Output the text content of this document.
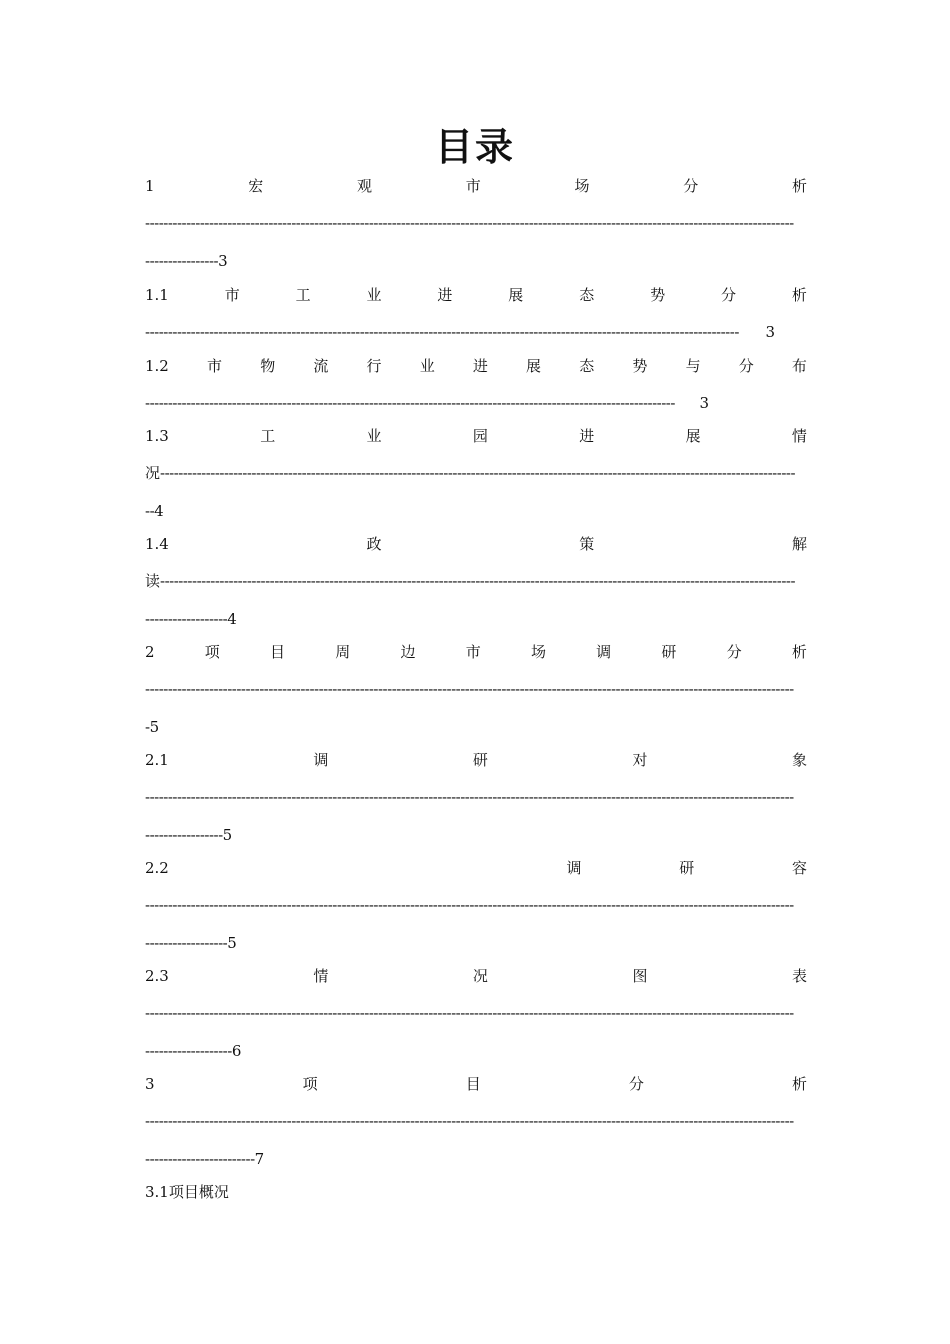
目录
1	宏	观	市	场	分	析
----------------------------------------------------------------------------------------------------------------------------------------------
----------------3
1.1	市	工	业	进	展	态	势	分	析
----------------------------------------------------------------------------------------------------------------------------------	3
1.2	市	物	流	行	业	进	展	态	势	与	分	布
--------------------------------------------------------------------------------------------------------------------	3
1.3	工	业	园	进	展	情
况-------------------------------------------------------------------------------------------------------------------------------------------
--4
1.4	政	策	解
读-------------------------------------------------------------------------------------------------------------------------------------------
------------------4
2	项	目	周	边	市	场	调	研	分	析
----------------------------------------------------------------------------------------------------------------------------------------------
-5
2.1	调	研	对	象
----------------------------------------------------------------------------------------------------------------------------------------------
-----------------5
2.2	调	研	容
----------------------------------------------------------------------------------------------------------------------------------------------
------------------5
2.3	情	况	图	表
----------------------------------------------------------------------------------------------------------------------------------------------
-------------------6
3	项	目	分	析
----------------------------------------------------------------------------------------------------------------------------------------------
------------------------7
3.1项目概况
